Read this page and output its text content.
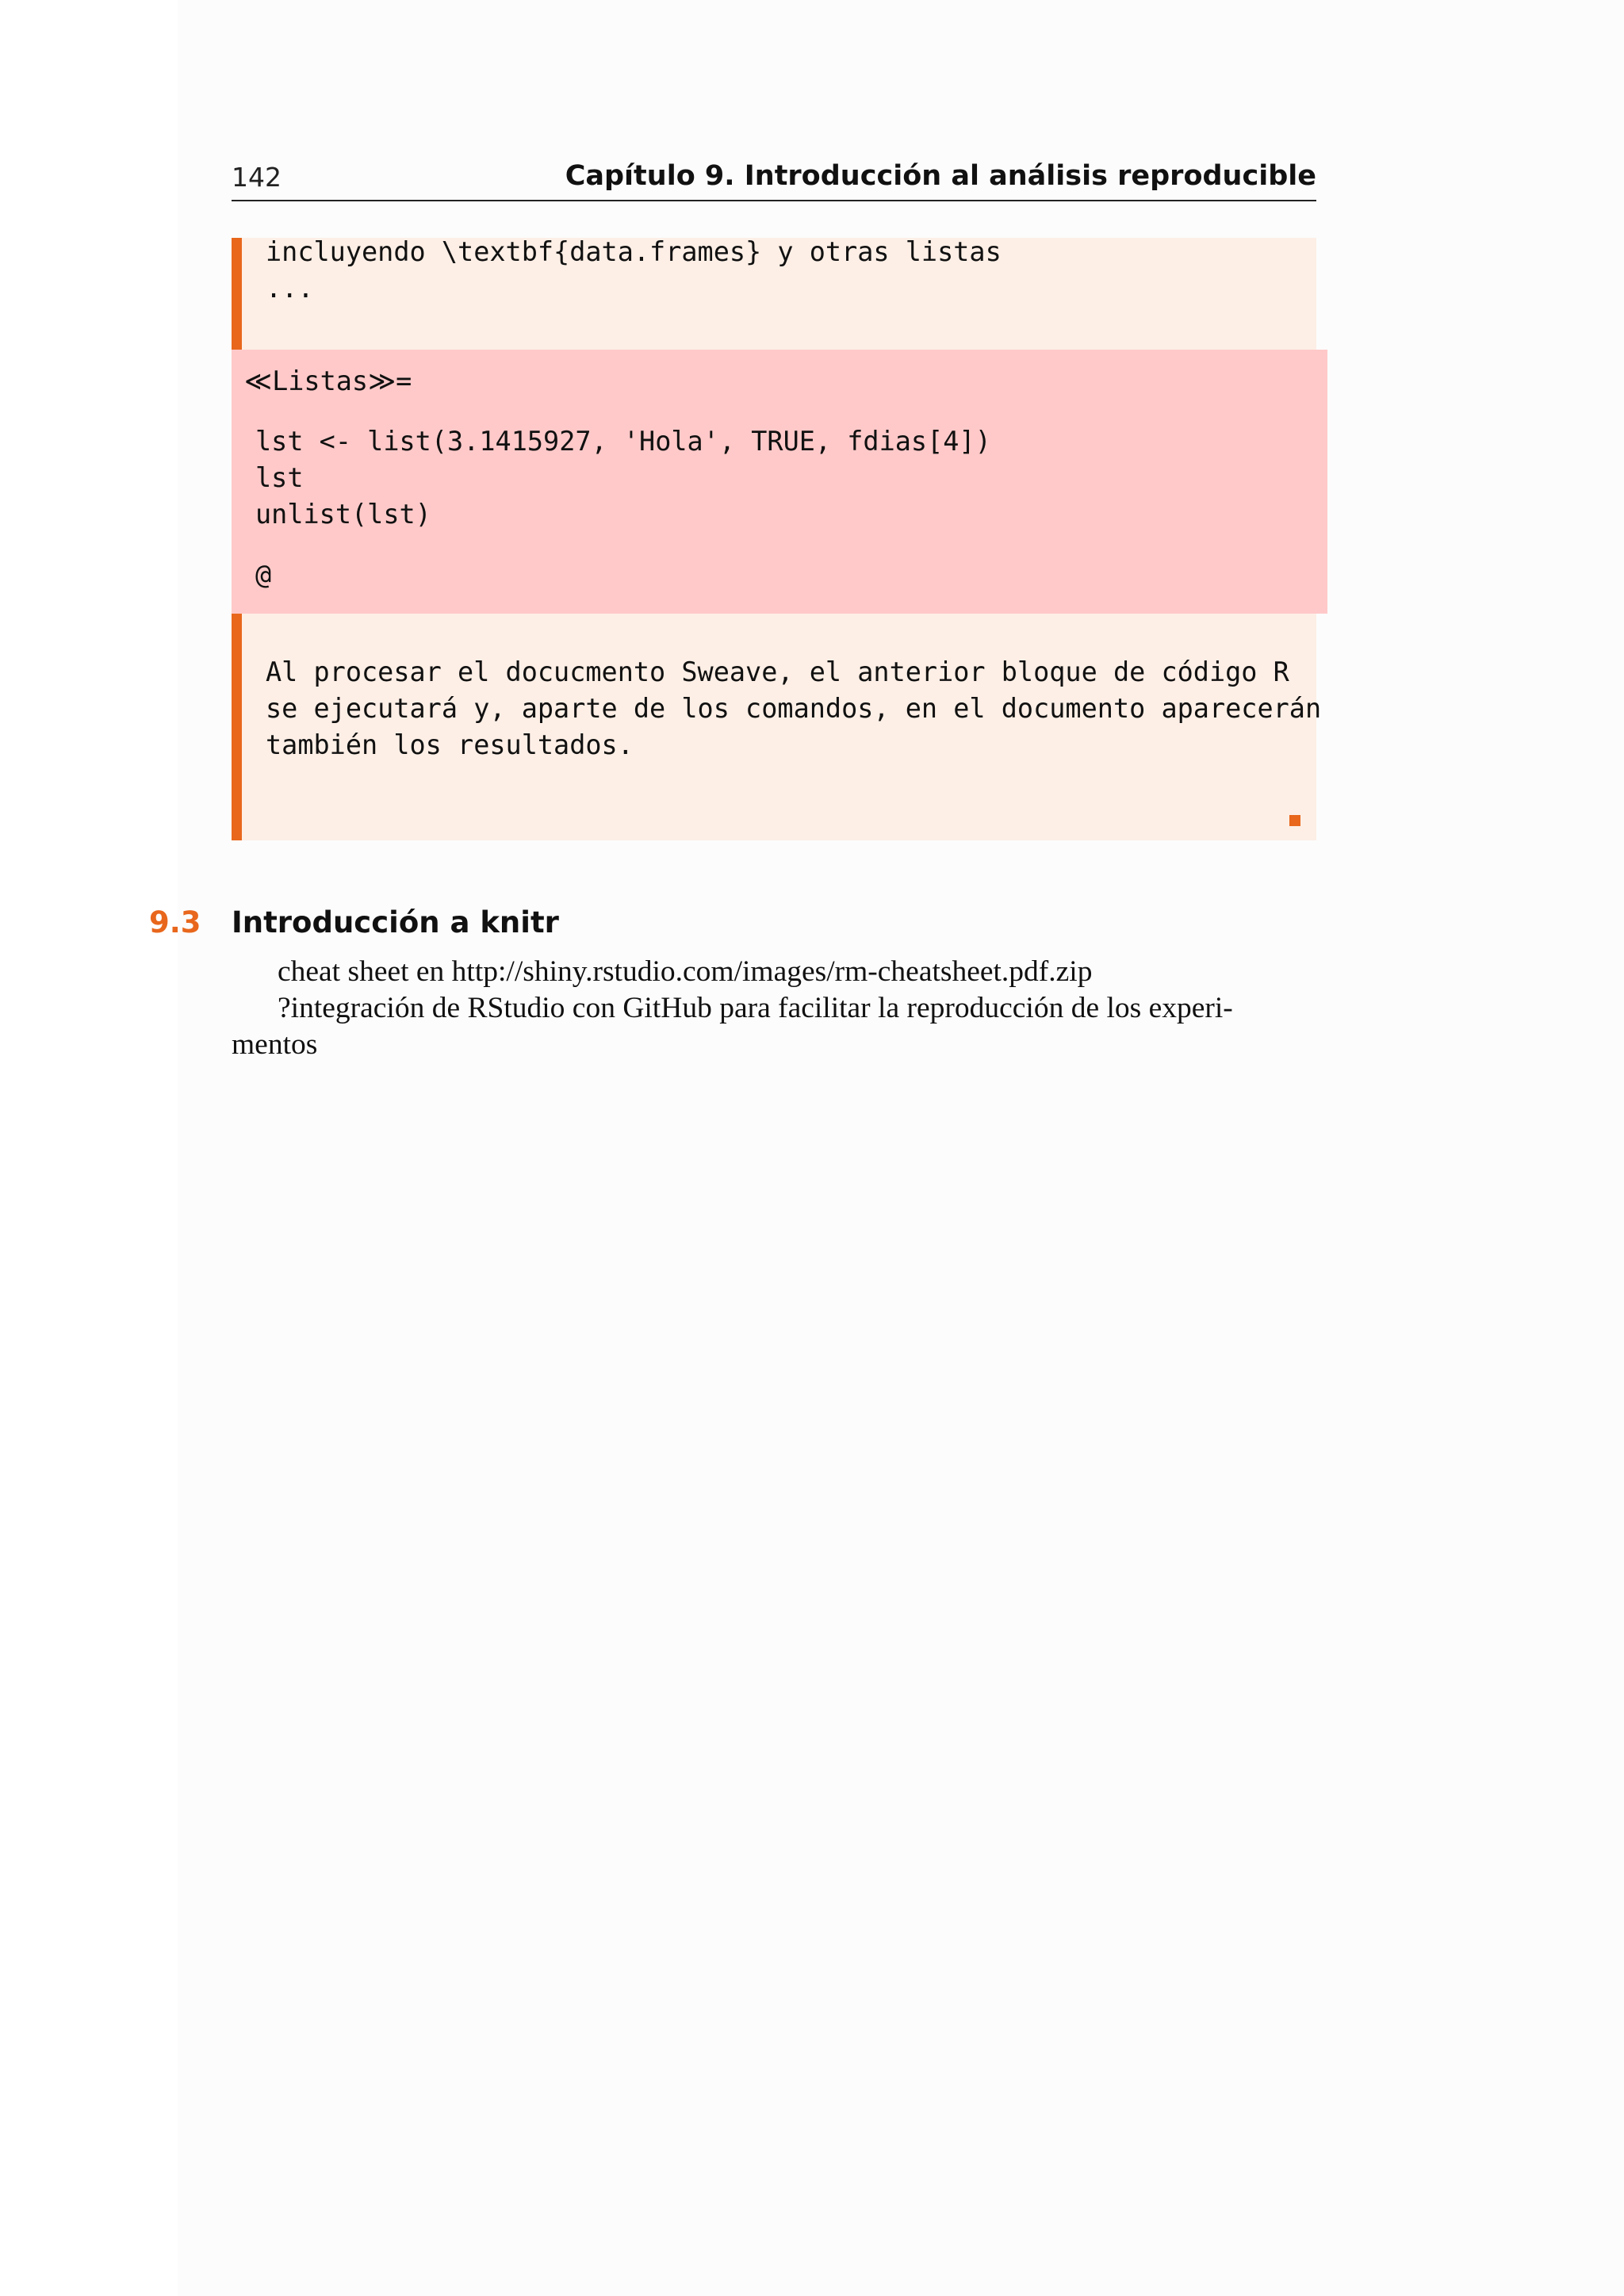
142	Capítulo 9. Introducción al análisis reproducible

incluyendo \textbf{data.frames} y otras listas

...

≪Listas≫=

lst <- list(3.1415927, 'Hola', TRUE, fdias[4])

lst

unlist(lst)

@

Al procesar el docucmento Sweave, el anterior bloque de código R

se ejecutará y, aparte de los comandos, en el documento aparecerán

también los resultados.

9.3 Introducción a knitr
cheat sheet en http://shiny.rstudio.com/images/rm-cheatsheet.pdf.zip
?integración de RStudio con GitHub para facilitar la reproducción de los experi-
mentos
